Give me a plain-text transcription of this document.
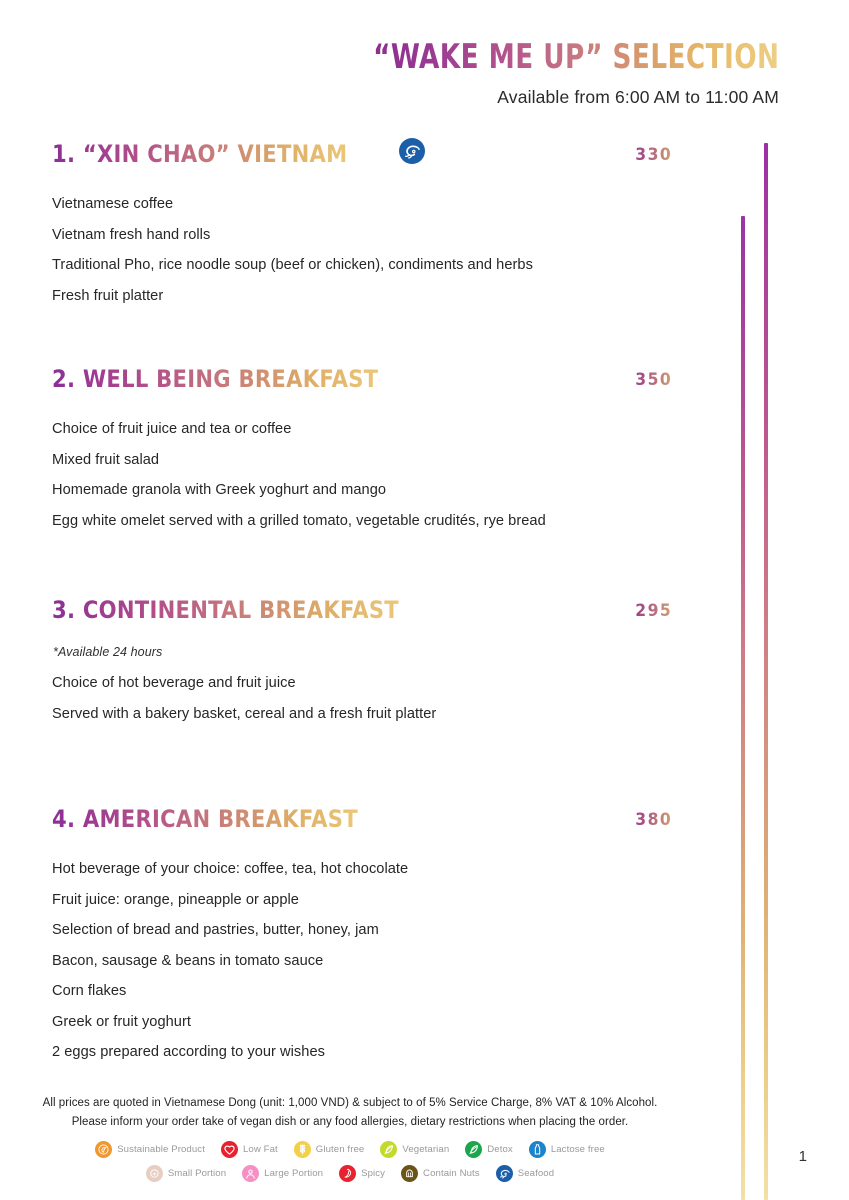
“WAKE ME UP” SELECTION
Available from 6:00 AM to 11:00 AM
1. “XIN CHAO” VIETNAM	330
Vietnamese coffee
Vietnam fresh hand rolls
Traditional Pho, rice noodle soup (beef or chicken), condiments and herbs
Fresh fruit platter
2. WELL BEING BREAKFAST	350
Choice of fruit juice and tea or coffee
Mixed fruit salad
Homemade granola with Greek yoghurt and mango
Egg white omelet served with a grilled tomato, vegetable crudités, rye bread
3. CONTINENTAL BREAKFAST	295
*Available 24 hours
Choice of hot beverage and fruit juice
Served with a bakery basket, cereal and a fresh fruit platter
4. AMERICAN BREAKFAST	380
Hot beverage of your choice: coffee, tea, hot chocolate
Fruit juice: orange, pineapple or apple
Selection of bread and pastries, butter, honey, jam
Bacon, sausage & beans in tomato sauce
Corn flakes
Greek or fruit yoghurt
2 eggs prepared according to your wishes
All prices are quoted in Vietnamese Dong (unit: 1,000 VND) & subject to of 5% Service Charge, 8% VAT & 10% Alcohol.
Please inform your order take of vegan dish or any food allergies, dietary restrictions when placing the order.
Sustainable Product	Low Fat	Gluten free	Vegetarian	Detox	Lactose free
Small Portion	Large Portion	Spicy	Contain Nuts	Seafood
1
